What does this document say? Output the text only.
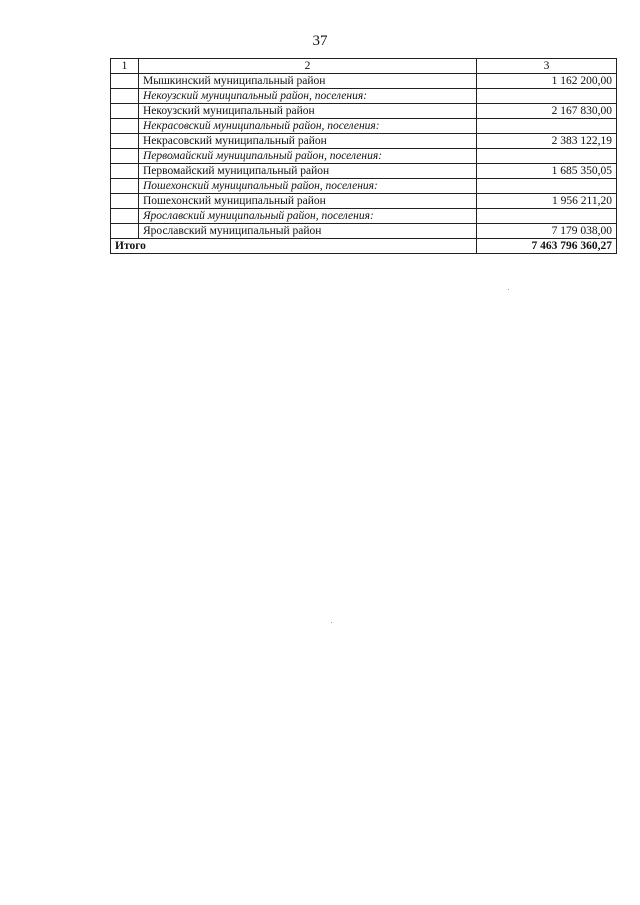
37
1	2	3
	Мышкинский муниципальный район	1 162 200,00
	Некоузский муниципальный район, поселения:	
	Некоузский муниципальный район	2 167 830,00
	Некрасовский муниципальный район, поселения:	
	Некрасовский муниципальный район	2 383 122,19
	Первомайский муниципальный район, поселения:	
	Первомайский муниципальный район	1 685 350,05
	Пошехонский муниципальный район, поселения:	
	Пошехонский муниципальный район	1 956 211,20
	Ярославский муниципальный район, поселения:	
	Ярославский муниципальный район	7 179 038,00
Итого		7 463 796 360,27
